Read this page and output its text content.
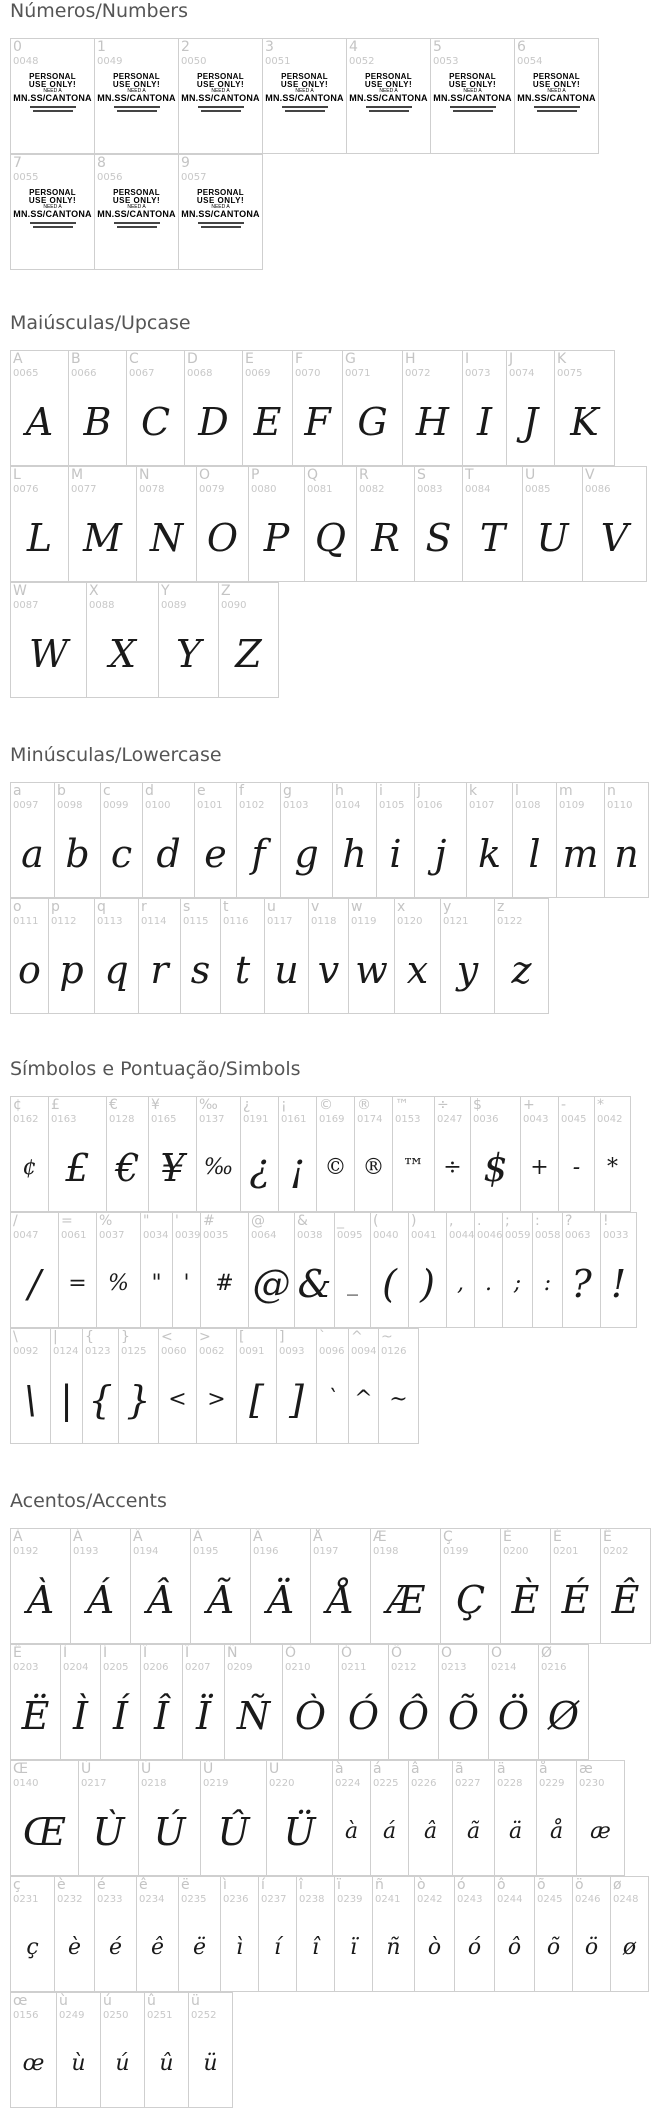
Números/Numbers
0
0048
PERSONAL
USE ONLY!
NEED A
MN.SS/CANTONA
1
0049
PERSONAL
USE ONLY!
NEED A
MN.SS/CANTONA
2
0050
PERSONAL
USE ONLY!
NEED A
MN.SS/CANTONA
3
0051
PERSONAL
USE ONLY!
NEED A
MN.SS/CANTONA
4
0052
PERSONAL
USE ONLY!
NEED A
MN.SS/CANTONA
5
0053
PERSONAL
USE ONLY!
NEED A
MN.SS/CANTONA
6
0054
PERSONAL
USE ONLY!
NEED A
MN.SS/CANTONA
7
0055
PERSONAL
USE ONLY!
NEED A
MN.SS/CANTONA
8
0056
PERSONAL
USE ONLY!
NEED A
MN.SS/CANTONA
9
0057
PERSONAL
USE ONLY!
NEED A
MN.SS/CANTONA
Maiúsculas/Upcase
A
0065
A
B
0066
B
C
0067
C
D
0068
D
E
0069
E
F
0070
F
G
0071
G
H
0072
H
I
0073
I
J
0074
J
K
0075
K
L
0076
L
M
0077
M
N
0078
N
O
0079
O
P
0080
P
Q
0081
Q
R
0082
R
S
0083
S
T
0084
T
U
0085
U
V
0086
V
W
0087
W
X
0088
X
Y
0089
Y
Z
0090
Z
Minúsculas/Lowercase
a
0097
a
b
0098
b
c
0099
c
d
0100
d
e
0101
e
f
0102
f
g
0103
g
h
0104
h
i
0105
i
j
0106
j
k
0107
k
l
0108
l
m
0109
m
n
0110
n
o
0111
o
p
0112
p
q
0113
q
r
0114
r
s
0115
s
t
0116
t
u
0117
u
v
0118
v
w
0119
w
x
0120
x
y
0121
y
z
0122
z
Símbolos e Pontuação/Simbols
¢
0162
¢
£
0163
£
€
0128
€
¥
0165
¥
‰
0137
‰
¿
0191
¿
¡
0161
¡
©
0169
©
®
0174
®
™
0153
™
÷
0247
÷
$
0036
$
+
0043
+
-
0045
-
*
0042
*
/
0047
/
=
0061
=
%
0037
%
"
0034
"
'
0039
'
#
0035
#
@
0064
@
&
0038
&
_
0095
_
(
0040
(
)
0041
)
,
0044
,
.
0046
.
;
0059
;
:
0058
:
?
0063
?
!
0033
!
\
0092
\
|
0124
|
{
0123
{
}
0125
}
<
0060
<
>
0062
>
[
0091
[
]
0093
]
`
0096
`
^
0094
^
~
0126
~
Acentos/Accents
À
0192
À
Á
0193
Á
Â
0194
Â
Ã
0195
Ã
Ä
0196
Ä
Å
0197
Å
Æ
0198
Æ
Ç
0199
Ç
È
0200
È
É
0201
É
Ê
0202
Ê
Ë
0203
Ë
Ì
0204
Ì
Í
0205
Í
Î
0206
Î
Ï
0207
Ï
Ñ
0209
Ñ
Ò
0210
Ò
Ó
0211
Ó
Ô
0212
Ô
Õ
0213
Õ
Ö
0214
Ö
Ø
0216
Ø
Œ
0140
Œ
Ù
0217
Ù
Ú
0218
Ú
Û
0219
Û
Ü
0220
Ü
à
0224
à
á
0225
á
â
0226
â
ã
0227
ã
ä
0228
ä
å
0229
å
æ
0230
æ
ç
0231
ç
è
0232
è
é
0233
é
ê
0234
ê
ë
0235
ë
ì
0236
ì
í
0237
í
î
0238
î
ï
0239
ï
ñ
0241
ñ
ò
0242
ò
ó
0243
ó
ô
0244
ô
õ
0245
õ
ö
0246
ö
ø
0248
ø
œ
0156
œ
ù
0249
ù
ú
0250
ú
û
0251
û
ü
0252
ü
